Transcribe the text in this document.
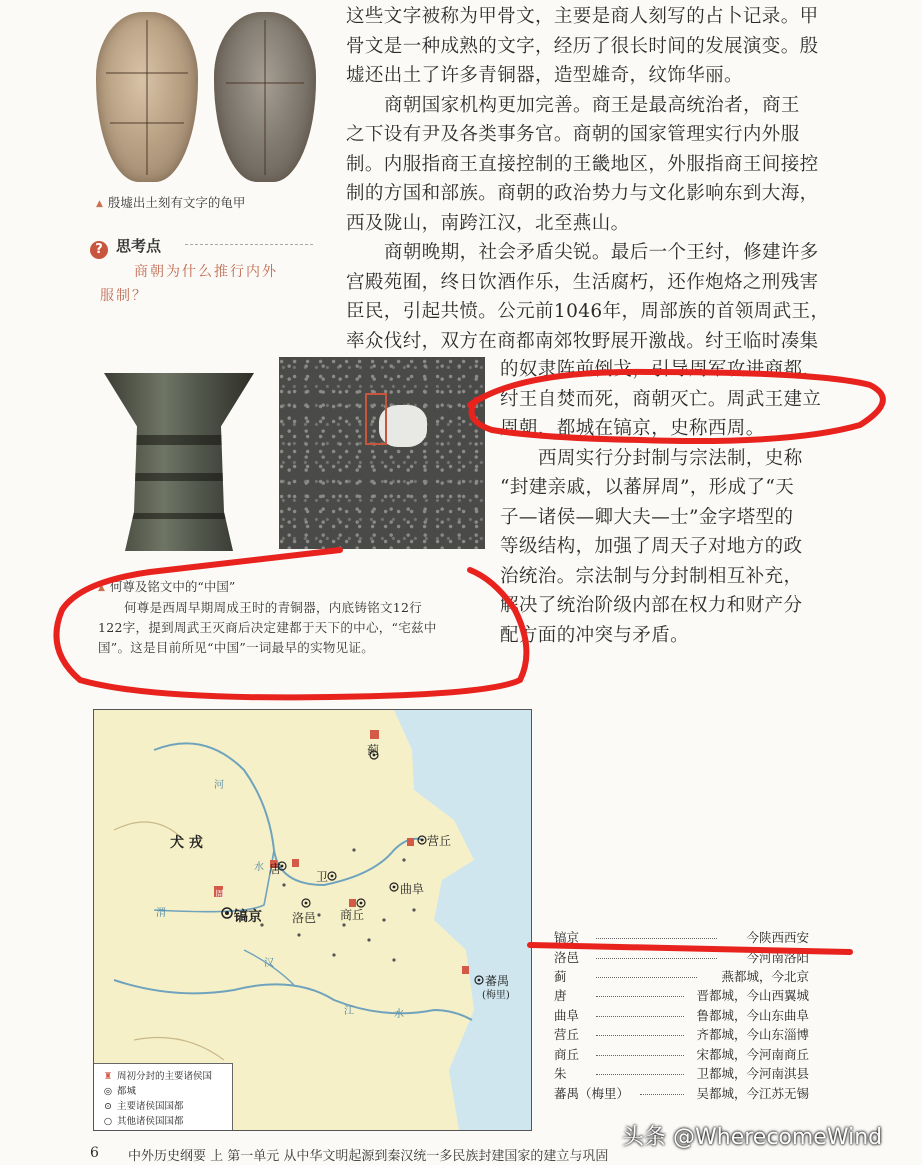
▲ 殷墟出土刻有文字的龟甲
? 思考点
商朝为什么推行内外
服制？
这些文字被称为甲骨文，主要是商人刻写的占卜记录。甲
骨文是一种成熟的文字，经历了很长时间的发展演变。殷
墟还出土了许多青铜器，造型雄奇，纹饰华丽。
商朝国家机构更加完善。商王是最高统治者，商王
之下设有尹及各类事务官。商朝的国家管理实行内外服
制。内服指商王直接控制的王畿地区，外服指商王间接控
制的方国和部族。商朝的政治势力与文化影响东到大海，
西及陇山，南跨江汉，北至燕山。
商朝晚期，社会矛盾尖锐。最后一个王纣，修建许多
宫殿苑囿，终日饮酒作乐，生活腐朽，还作炮烙之刑残害
臣民，引起共愤。公元前1046年，周部族的首领周武王，
率众伐纣，双方在商都南郊牧野展开激战。纣王临时凑集
▲ 何尊及铭文中的“中国”
何尊是西周早期周成王时的青铜器，内底铸铭文12行
122字，提到周武王灭商后决定建都于天下的中心，“宅兹中
国”。这是目前所见“中国”一词最早的实物见证。
的奴隶阵前倒戈，引导周军攻进商都，
纣王自焚而死，商朝灭亡。周武王建立
周朝，都城在镐京，史称西周。
西周实行分封制与宗法制，史称
“封建亲戚，以蕃屏周”，形成了“天
子—诸侯—卿大夫—士”金字塔型的
等级结构，加强了周天子对地方的政
治统治。宗法制与分封制相互补充，
解决了统治阶级内部在权力和财产分
配方面的冲突与矛盾。
犬 戎
镐京	洛邑
唐
商丘
曲阜
营丘
蓟
蕃禺
(梅里)
卫
河
渭
水
水
江
汉
周
♜ 周初分封的主要诸侯国
◎ 都城
⊙ 主要诸侯国国都
○ 其他诸侯国国都
镐京	今陕西西安
洛邑	今河南洛阳
蓟	燕都城，今北京
唐	晋都城，今山西翼城
曲阜	鲁都城，今山东曲阜
营丘	齐都城，今山东淄博
商丘	宋都城，今河南商丘
朱	卫都城，今河南淇县
蕃禺（梅里）	吴都城，今江苏无锡
6 中外历史纲要 上 第一单元 从中华文明起源到秦汉统一多民族封建国家的建立与巩固
头条 @WherecomeWind
